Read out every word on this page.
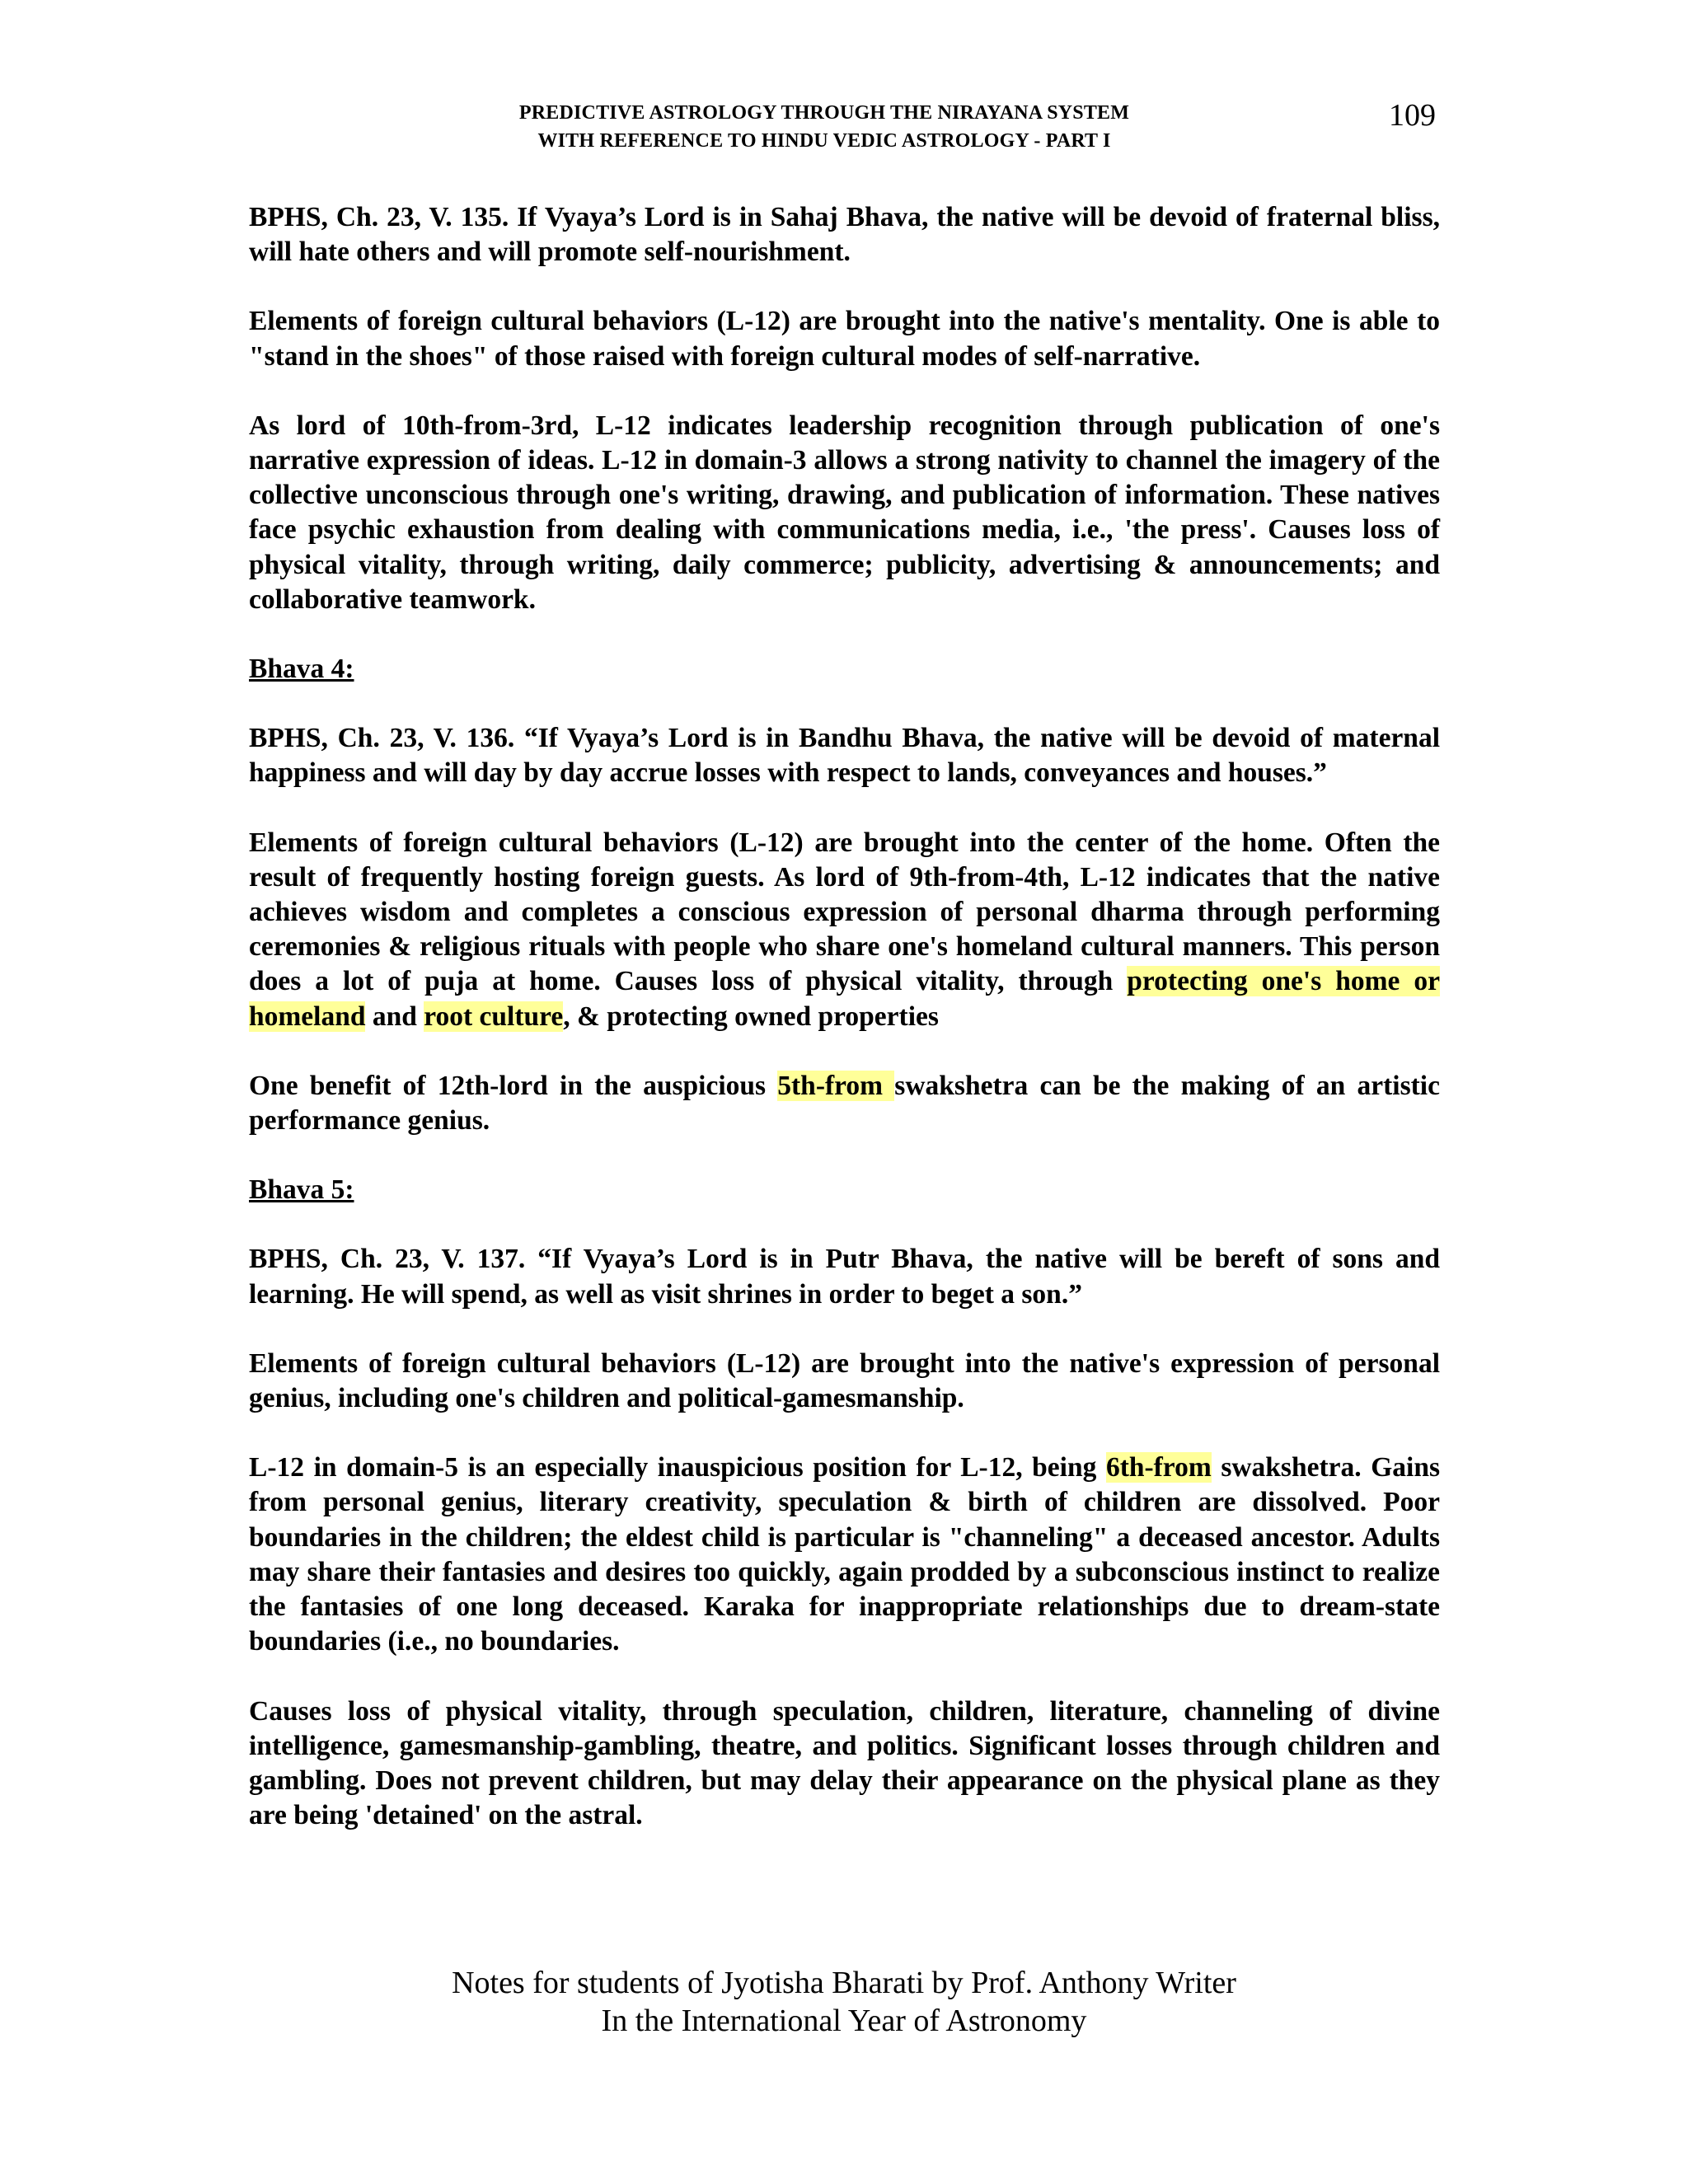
PREDICTIVE ASTROLOGY THROUGH THE NIRAYANA SYSTEM
WITH REFERENCE TO HINDU VEDIC ASTROLOGY - PART I
109

BPHS, Ch. 23, V. 135. If Vyaya’s Lord is in Sahaj Bhava, the native will be devoid of fraternal bliss, will hate others and will promote self-nourishment.

Elements of foreign cultural behaviors (L-12) are brought into the native's mentality. One is able to "stand in the shoes" of those raised with foreign cultural modes of self-narrative.

As lord of 10th-from-3rd, L-12 indicates leadership recognition through publication of one's narrative expression of ideas. L-12 in domain-3 allows a strong nativity to channel the imagery of the collective unconscious through one's writing, drawing, and publication of information. These natives face psychic exhaustion from dealing with communications media, i.e., 'the press'. Causes loss of physical vitality, through writing, daily commerce; publicity, advertising & announcements; and collaborative teamwork.

Bhava 4:

BPHS, Ch. 23, V. 136. “If Vyaya’s Lord is in Bandhu Bhava, the native will be devoid of maternal happiness and will day by day accrue losses with respect to lands, conveyances and houses.”

Elements of foreign cultural behaviors (L-12) are brought into the center of the home. Often the result of frequently hosting foreign guests. As lord of 9th-from-4th, L-12 indicates that the native achieves wisdom and completes a conscious expression of personal dharma through performing ceremonies & religious rituals with people who share one's homeland cultural manners. This person does a lot of puja at home. Causes loss of physical vitality, through protecting one's home or homeland and root culture, & protecting owned properties

One benefit of 12th-lord in the auspicious 5th-from swakshetra can be the making of an artistic performance genius.

Bhava 5:

BPHS, Ch. 23, V. 137. “If Vyaya’s Lord is in Putr Bhava, the native will be bereft of sons and learning. He will spend, as well as visit shrines in order to beget a son.”

Elements of foreign cultural behaviors (L-12) are brought into the native's expression of personal genius, including one's children and political-gamesmanship.

L-12 in domain-5 is an especially inauspicious position for L-12, being 6th-from swakshetra. Gains from personal genius, literary creativity, speculation & birth of children are dissolved. Poor boundaries in the children; the eldest child is particular is "channeling" a deceased ancestor. Adults may share their fantasies and desires too quickly, again prodded by a subconscious instinct to realize the fantasies of one long deceased. Karaka for inappropriate relationships due to dream-state boundaries (i.e., no boundaries.

Causes loss of physical vitality, through speculation, children, literature, channeling of divine intelligence, gamesmanship-gambling, theatre, and politics. Significant losses through children and gambling. Does not prevent children, but may delay their appearance on the physical plane as they are being 'detained' on the astral.

Notes for students of Jyotisha Bharati by Prof. Anthony Writer
In the International Year of Astronomy
